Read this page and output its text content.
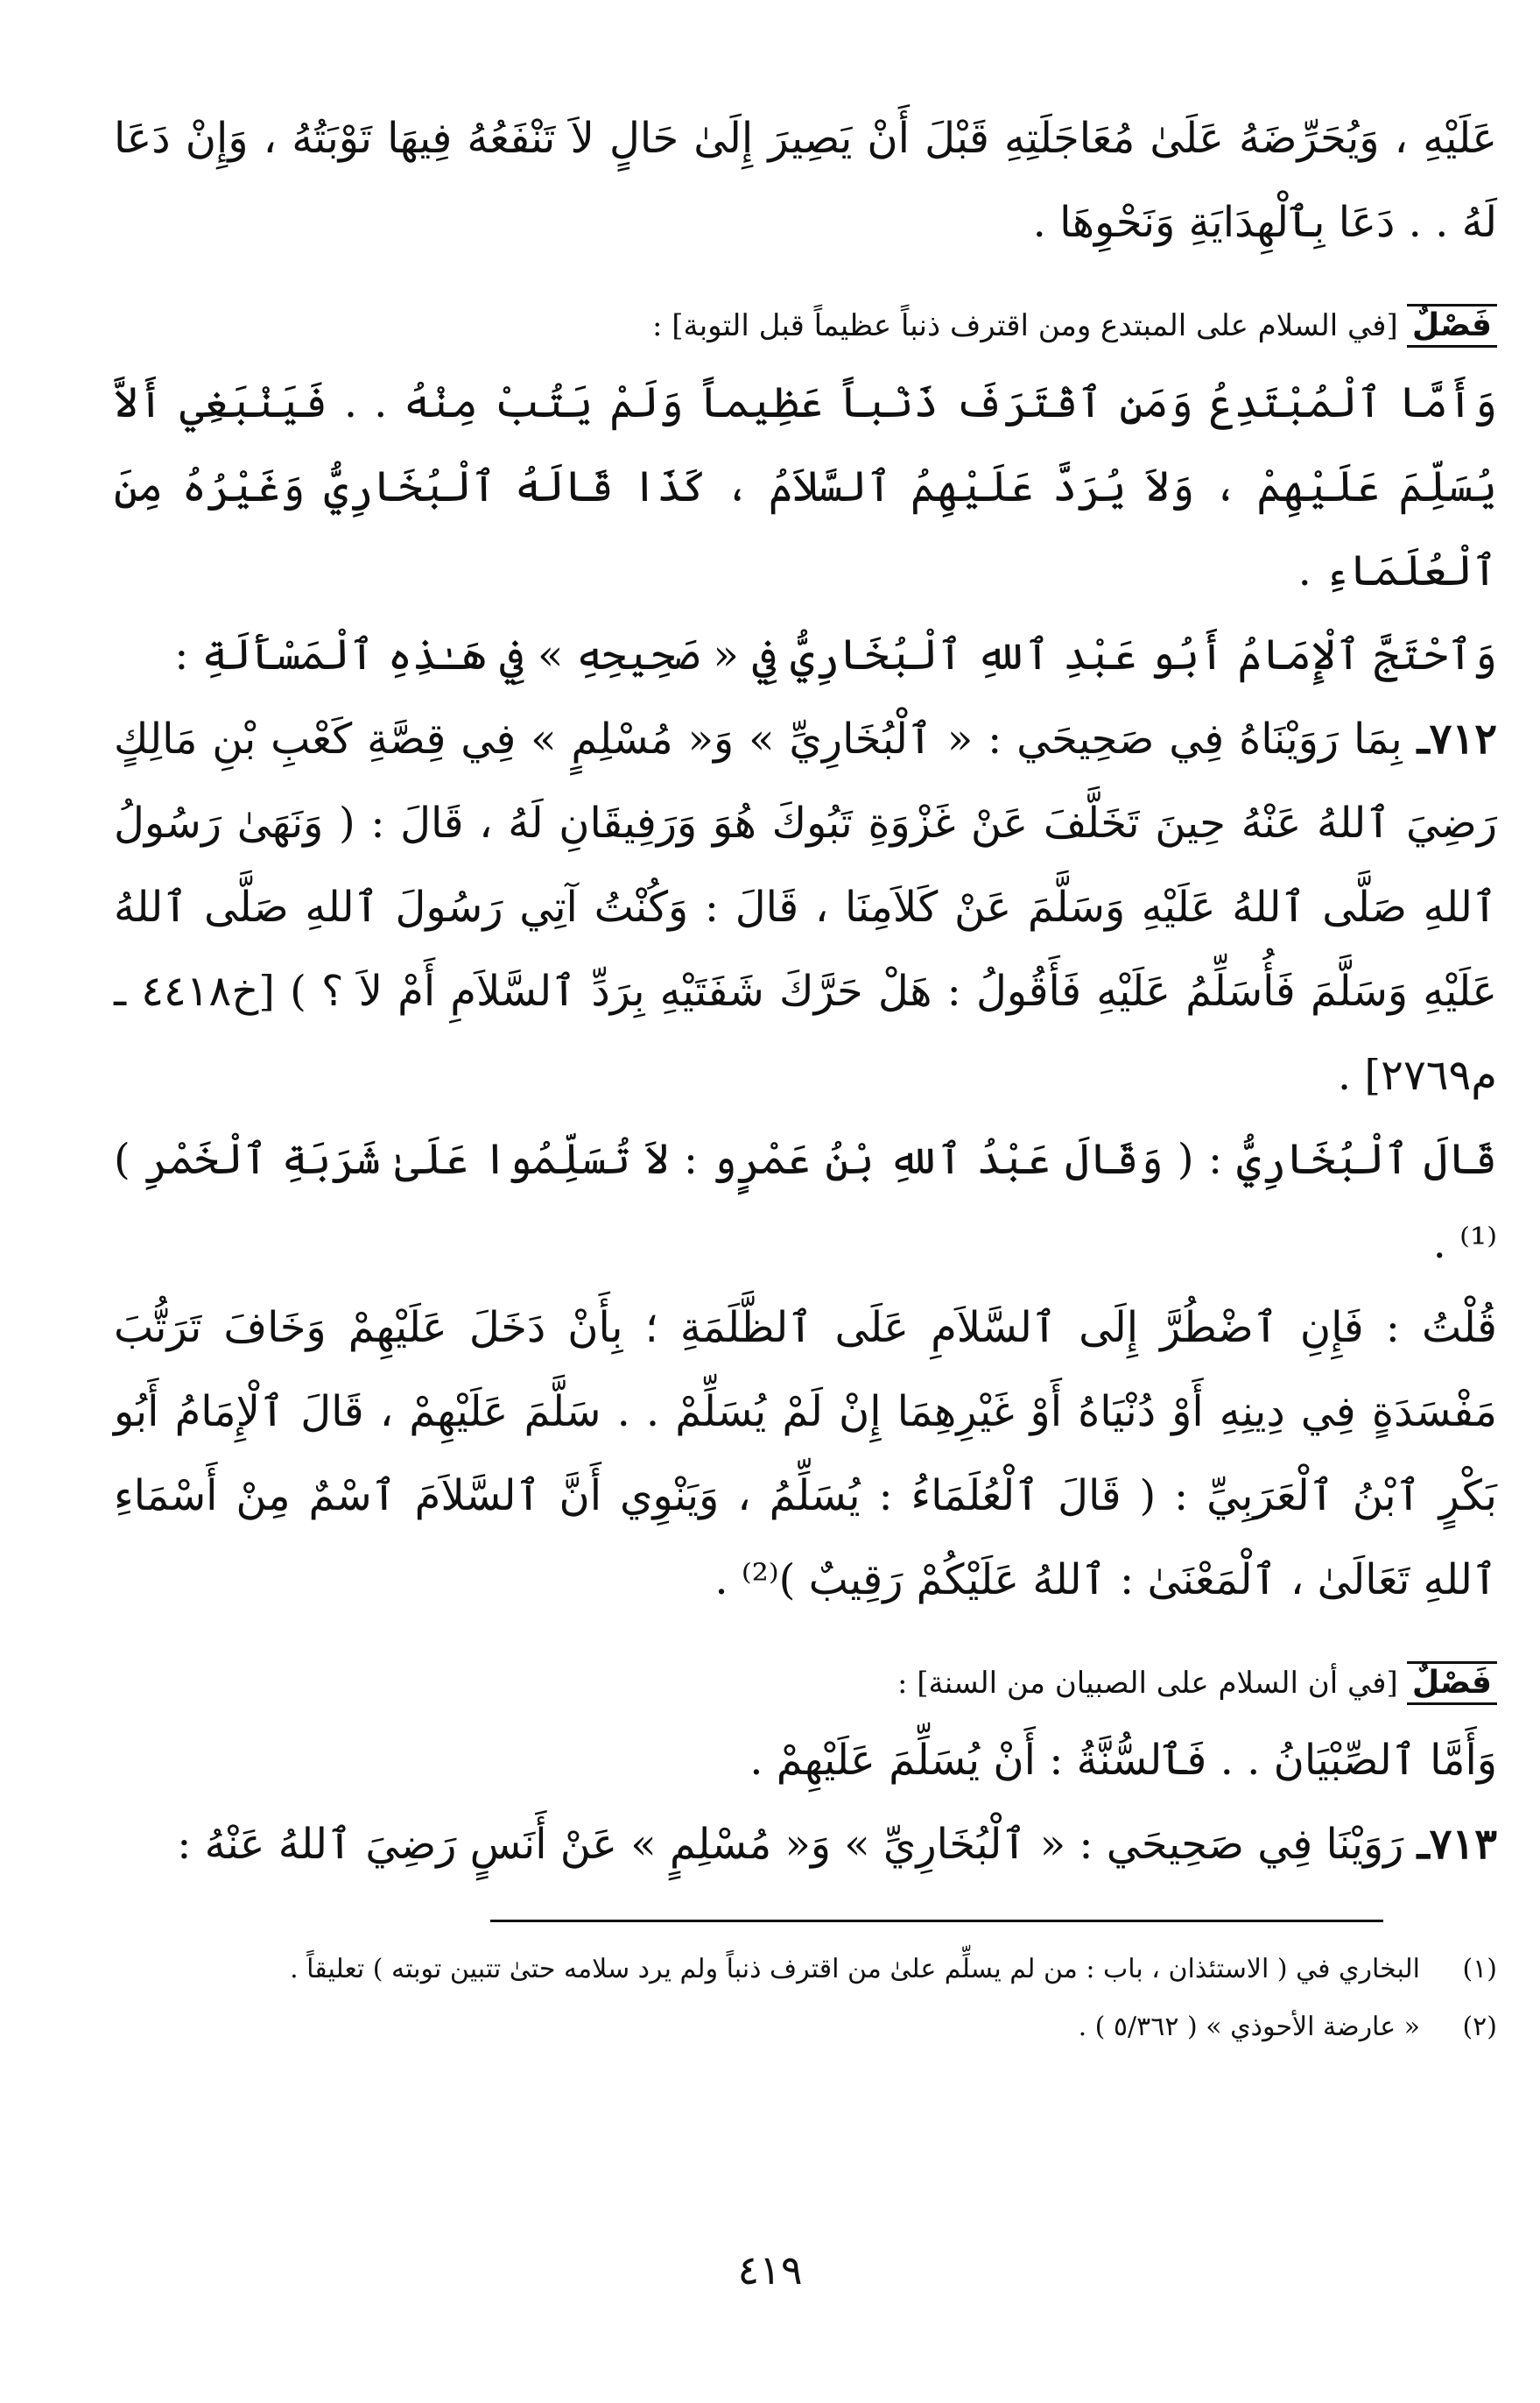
عَلَيْهِ ، وَيُحَرِّضَهُ عَلَىٰ مُعَاجَلَتِهِ قَبْلَ أَنْ يَصِيرَ إِلَىٰ حَالٍ لاَ تَنْفَعُهُ فِيهَا تَوْبَتُهُ ، وَإِنْ دَعَا لَهُ . . دَعَا بِٱلْهِدَايَةِ وَنَحْوِهَا .

فَصْلٌ
[في السلام على المبتدع ومن اقترف ذنباً عظيماً قبل التوبة] :

وَأَمَّا ٱلْمُبْتَدِعُ وَمَنِ ٱقْتَرَفَ ذَنْباً عَظِيماً وَلَمْ يَتُبْ مِنْهُ . . فَيَنْبَغِي أَلاَّ يُسَلِّمَ عَلَيْهِمْ ، وَلاَ يُرَدَّ عَلَيْهِمُ ٱلسَّلاَمُ ، كَذَا قَالَهُ ٱلْبُخَارِيُّ وَغَيْرُهُ مِنَ ٱلْعُلَمَاءِ .

وَٱحْتَجَّ ٱلْإِمَامُ أَبُو عَبْدِ ٱللهِ ٱلْبُخَارِيُّ فِي « صَحِيحِهِ » فِي هَـٰذِهِ ٱلْمَسْأَلَةِ :

٧١٢ـ بِمَا رَوَيْنَاهُ فِي صَحِيحَي : « ٱلْبُخَارِيِّ » وَ« مُسْلِمٍ » فِي قِصَّةِ كَعْبِ بْنِ مَالِكٍ رَضِيَ ٱللهُ عَنْهُ حِينَ تَخَلَّفَ عَنْ غَزْوَةِ تَبُوكَ هُوَ وَرَفِيقَانِ لَهُ ، قَالَ : ( وَنَهَىٰ رَسُولُ ٱللهِ صَلَّى ٱللهُ عَلَيْهِ وَسَلَّمَ عَنْ كَلاَمِنَا ، قَالَ : وَكُنْتُ آتِي رَسُولَ ٱللهِ صَلَّى ٱللهُ عَلَيْهِ وَسَلَّمَ فَأُسَلِّمُ عَلَيْهِ فَأَقُولُ : هَلْ حَرَّكَ شَفَتَيْهِ بِرَدِّ ٱلسَّلاَمِ أَمْ لاَ ؟ ) [خ٤٤١٨ ـ م٢٧٦٩] .

قَالَ ٱلْبُخَارِيُّ : ( وَقَالَ عَبْدُ ٱللهِ بْنُ عَمْرٍو : لاَ تُسَلِّمُوا عَلَىٰ شَرَبَةِ ٱلْخَمْرِ )⁽¹⁾ .

قُلْتُ : فَإِنِ ٱضْطُرَّ إِلَى ٱلسَّلاَمِ عَلَى ٱلظَّلَمَةِ ؛ بِأَنْ دَخَلَ عَلَيْهِمْ وَخَافَ تَرَتُّبَ مَفْسَدَةٍ فِي دِينِهِ أَوْ دُنْيَاهُ أَوْ غَيْرِهِمَا إِنْ لَمْ يُسَلِّمْ . . سَلَّمَ عَلَيْهِمْ ، قَالَ ٱلْإِمَامُ أَبُو بَكْرٍ ٱبْنُ ٱلْعَرَبِيِّ : ( قَالَ ٱلْعُلَمَاءُ : يُسَلِّمُ ، وَيَنْوِي أَنَّ ٱلسَّلاَمَ ٱسْمٌ مِنْ أَسْمَاءِ ٱللهِ تَعَالَىٰ ، ٱلْمَعْنَىٰ : ٱللهُ عَلَيْكُمْ رَقِيبٌ )⁽²⁾ .

فَصْلٌ
[في أن السلام على الصبيان من السنة] :

وَأَمَّا ٱلصِّبْيَانُ . . فَٱلسُّنَّةُ : أَنْ يُسَلِّمَ عَلَيْهِمْ .

٧١٣ـ رَوَيْنَا فِي صَحِيحَي : « ٱلْبُخَارِيِّ » وَ« مُسْلِمٍ » عَنْ أَنَسٍ رَضِيَ ٱللهُ عَنْهُ :

(١)
البخاري في ( الاستئذان ، باب : من لم يسلِّم علىٰ من اقترف ذنباً ولم يرد سلامه حتىٰ تتبين توبته ) تعليقاً .
(٢)
« عارضة الأحوذي » ( ٥/٣٦٢ ) .
٤١٩
